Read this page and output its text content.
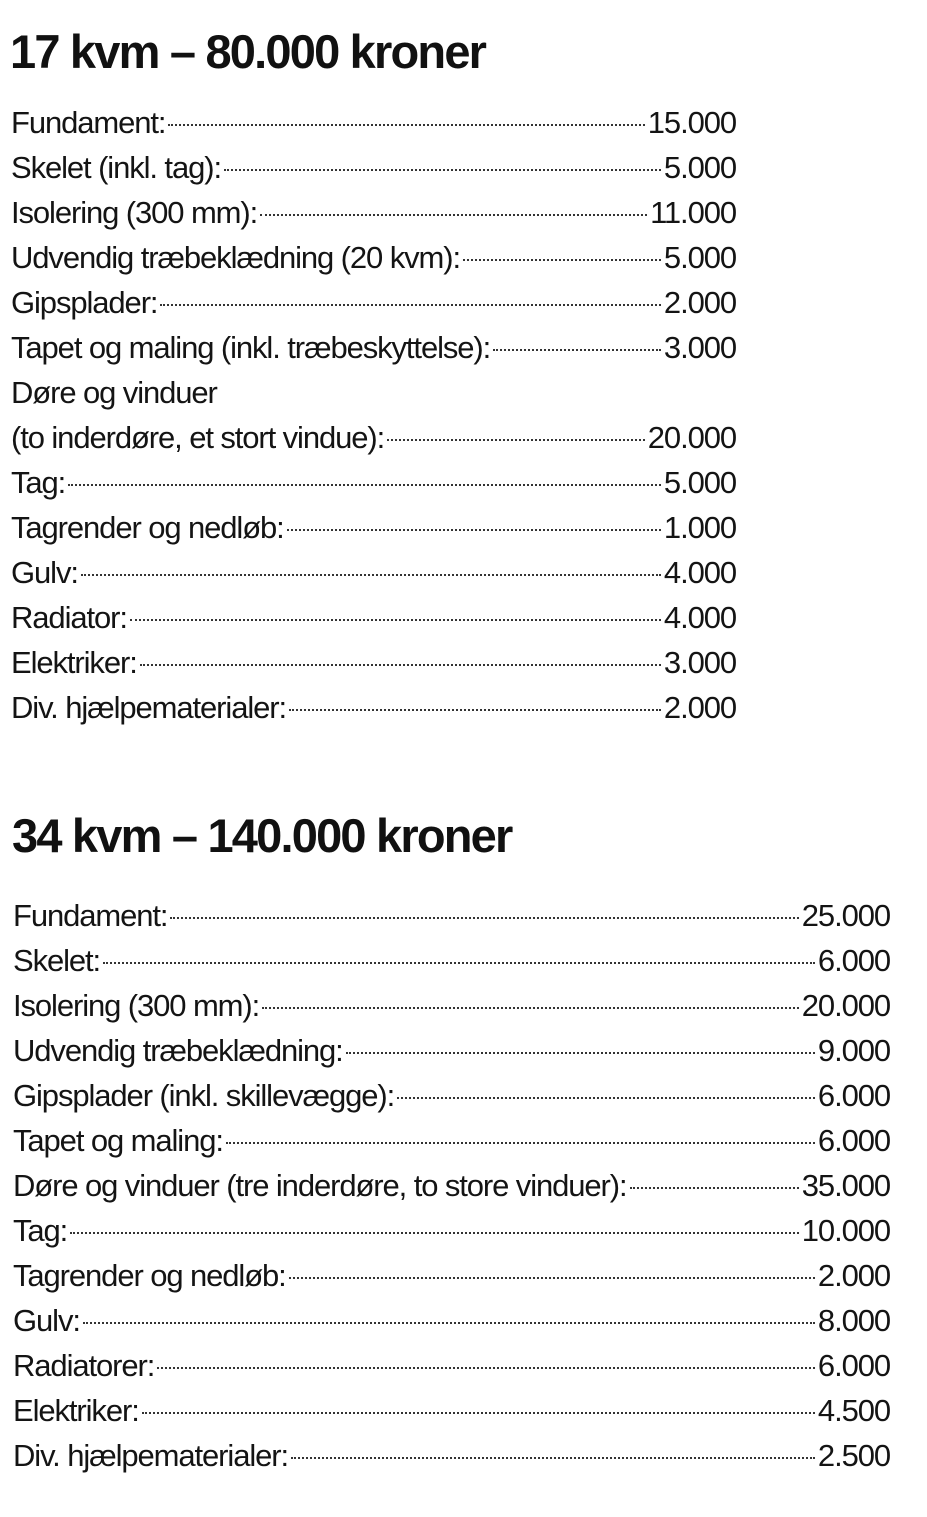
17 kvm – 80.000 kroner
Fundament:	15.000
Skelet (inkl. tag):	5.000
Isolering (300 mm):	11.000
Udvendig træbeklædning (20 kvm):	5.000
Gipsplader:	2.000
Tapet og maling (inkl. træbeskyttelse):	3.000
Døre og vinduer
(to inderdøre, et stort vindue):	20.000
Tag:	5.000
Tagrender og nedløb:	1.000
Gulv:	4.000
Radiator:	4.000
Elektriker:	3.000
Div. hjælpematerialer:	2.000
34 kvm – 140.000 kroner
Fundament:	25.000
Skelet:	6.000
Isolering (300 mm):	20.000
Udvendig træbeklædning:	9.000
Gipsplader (inkl. skillevægge):	6.000
Tapet og maling:	6.000
Døre og vinduer (tre inderdøre, to store vinduer):	35.000
Tag:	10.000
Tagrender og nedløb:	2.000
Gulv:	8.000
Radiatorer:	6.000
Elektriker:	4.500
Div. hjælpematerialer:	2.500
